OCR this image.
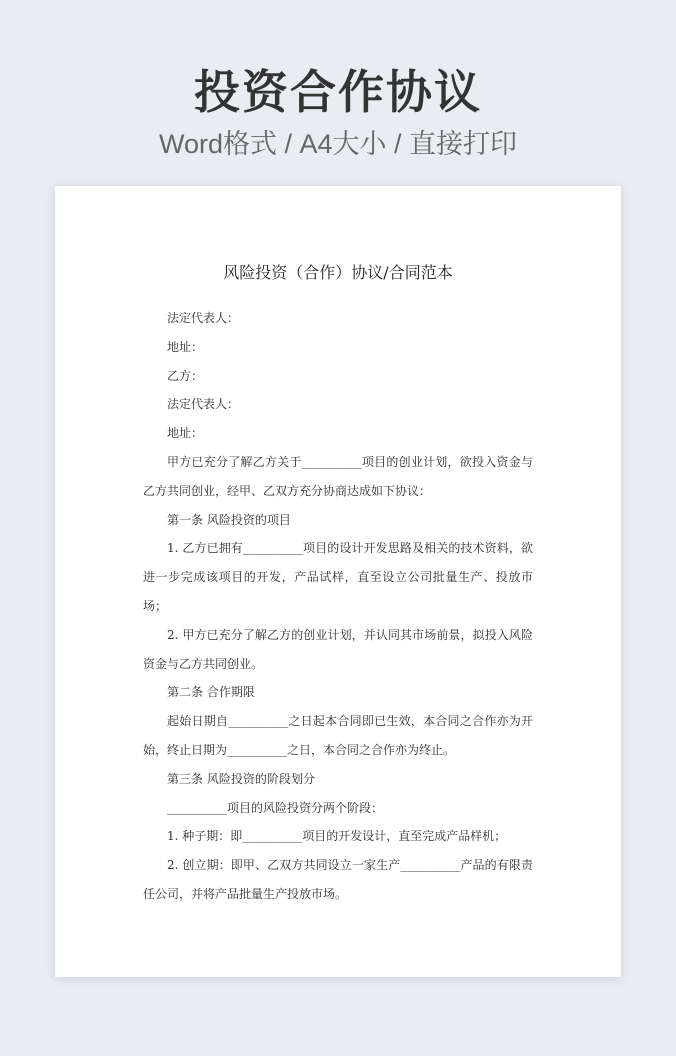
投资合作协议
Word格式 / A4大小 / 直接打印
风险投资（合作）协议/合同范本

法定代表人：

地址：

乙方：

法定代表人：

地址：

甲方已充分了解乙方关于__________项目的创业计划，欲投入资金与乙方共同创业，经甲、乙双方充分协商达成如下协议：

第一条 风险投资的项目

1. 乙方已拥有__________项目的设计开发思路及相关的技术资料，欲进一步完成该项目的开发，产品试样，直至设立公司批量生产、投放市场；

2. 甲方已充分了解乙方的创业计划，并认同其市场前景，拟投入风险资金与乙方共同创业。

第二条 合作期限

起始日期自__________之日起本合同即已生效，本合同之合作亦为开始，终止日期为__________之日，本合同之合作亦为终止。

第三条 风险投资的阶段划分

__________项目的风险投资分两个阶段：

1. 种子期：即__________项目的开发设计，直至完成产品样机；

2. 创立期：即甲、乙双方共同设立一家生产__________产品的有限责任公司，并将产品批量生产投放市场。
